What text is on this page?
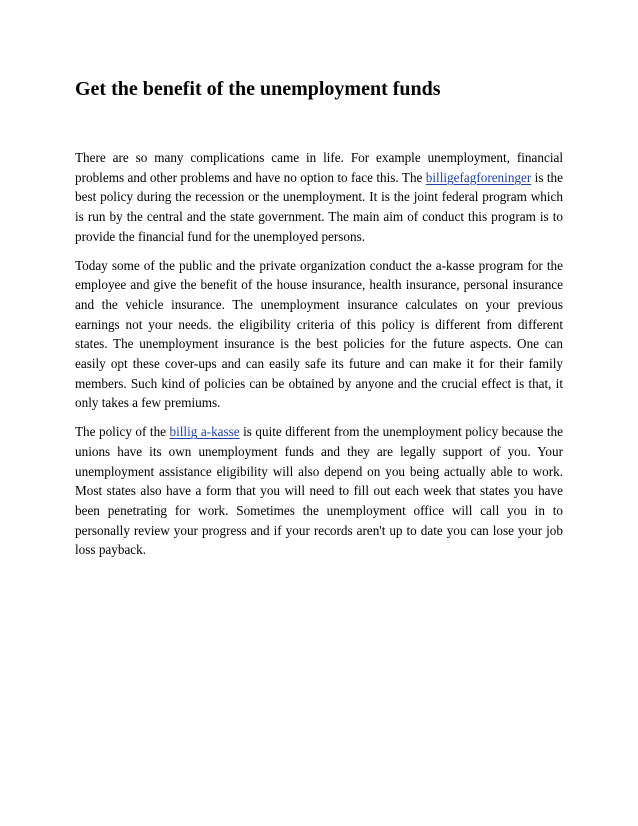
Get the benefit of the unemployment funds

There are so many complications came in life. For example unemployment, financial problems and other problems and have no option to face this. The billigefagforeninger is the best policy during the recession or the unemployment. It is the joint federal program which is run by the central and the state government. The main aim of conduct this program is to provide the financial fund for the unemployed persons.

Today some of the public and the private organization conduct the a-kasse program for the employee and give the benefit of the house insurance, health insurance, personal insurance and the vehicle insurance. The unemployment insurance calculates on your previous earnings not your needs. the eligibility criteria of this policy is different from different states. The unemployment insurance is the best policies for the future aspects. One can easily opt these cover-ups and can easily safe its future and can make it for their family members. Such kind of policies can be obtained by anyone and the crucial effect is that, it only takes a few premiums.

The policy of the billig a-kasse is quite different from the unemployment policy because the unions have its own unemployment funds and they are legally support of you. Your unemployment assistance eligibility will also depend on you being actually able to work. Most states also have a form that you will need to fill out each week that states you have been penetrating for work. Sometimes the unemployment office will call you in to personally review your progress and if your records aren't up to date you can lose your job loss payback.
